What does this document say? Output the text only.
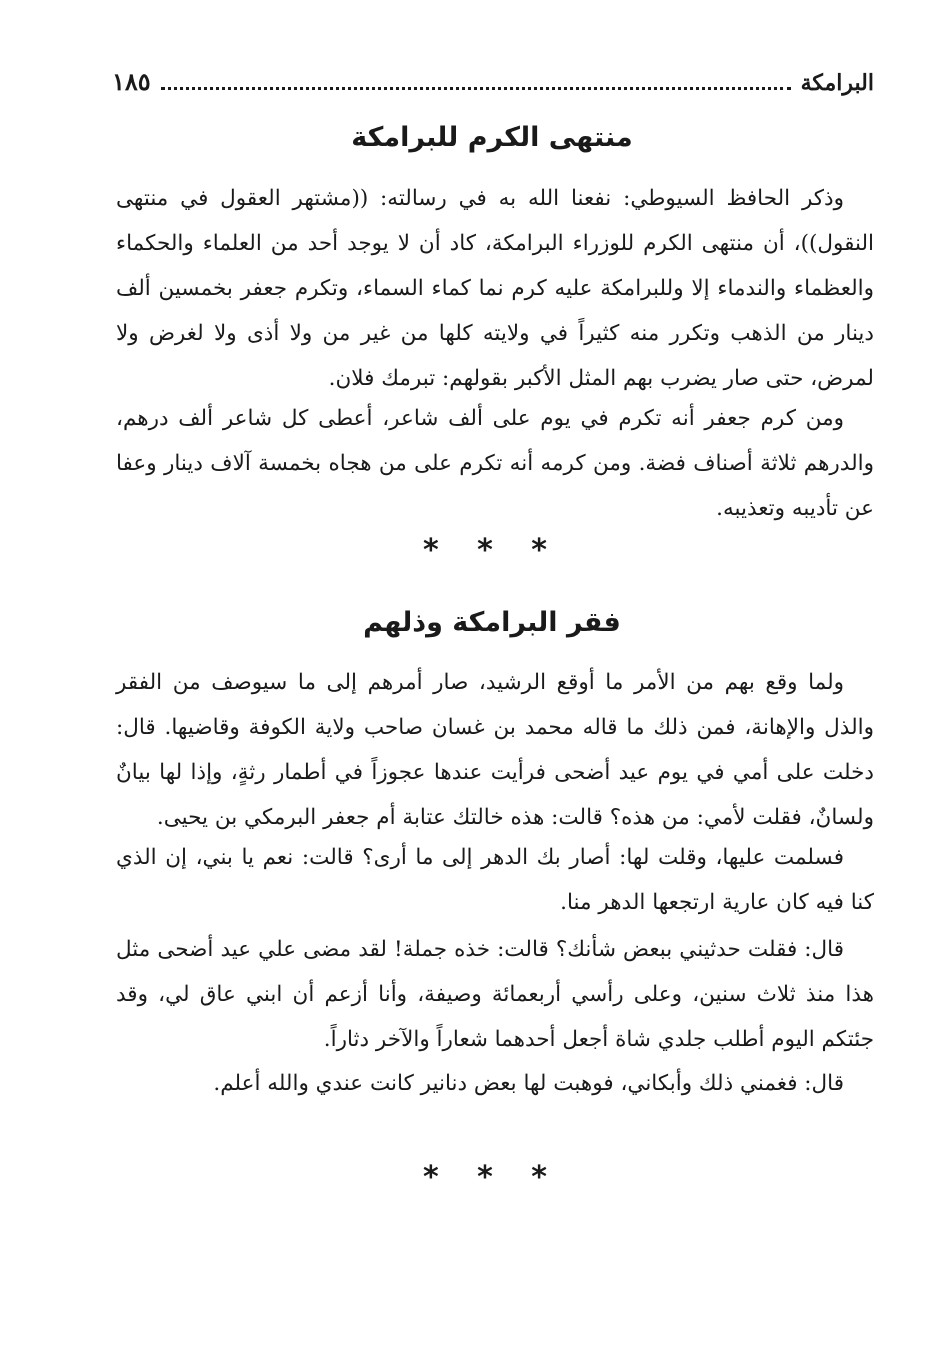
البرامكة
١٨٥
منتهى الكرم للبرامكة

وذكر الحافظ السيوطي: نفعنا الله به في رسالته: ((مشتهر العقول في منتهى النقول))، أن منتهى الكرم للوزراء البرامكة، كاد أن لا يوجد أحد من العلماء والحكماء والعظماء والندماء إلا وللبرامكة عليه كرم نما كماء السماء، وتكرم جعفر بخمسين ألف دينار من الذهب وتكرر منه كثيراً في ولايته كلها من غير من ولا أذى ولا لغرض ولا لمرض، حتى صار يضرب بهم المثل الأكبر بقولهم: تبرمك فلان.

ومن كرم جعفر أنه تكرم في يوم على ألف شاعر، أعطى كل شاعر ألف درهم، والدرهم ثلاثة أصناف فضة. ومن كرمه أنه تكرم على من هجاه بخمسة آلاف دينار وعفا عن تأديبه وتعذيبه.

* * *
فقر البرامكة وذلهم

ولما وقع بهم من الأمر ما أوقع الرشيد، صار أمرهم إلى ما سيوصف من الفقر والذل والإهانة، فمن ذلك ما قاله محمد بن غسان صاحب ولاية الكوفة وقاضيها. قال: دخلت على أمي في يوم عيد أضحى فرأيت عندها عجوزاً في أطمار رثةٍ، وإذا لها بيانٌ ولسانٌ، فقلت لأمي: من هذه؟ قالت: هذه خالتك عتابة أم جعفر البرمكي بن يحيى.

فسلمت عليها، وقلت لها: أصار بك الدهر إلى ما أرى؟ قالت: نعم يا بني، إن الذي كنا فيه كان عارية ارتجعها الدهر منا.

قال: فقلت حدثيني ببعض شأنك؟ قالت: خذه جملة! لقد مضى علي عيد أضحى مثل هذا منذ ثلاث سنين، وعلى رأسي أربعمائة وصيفة، وأنا أزعم أن ابني عاق لي، وقد جئتكم اليوم أطلب جلدي شاة أجعل أحدهما شعاراً والآخر دثاراً.

قال: فغمني ذلك وأبكاني، فوهبت لها بعض دنانير كانت عندي والله أعلم.

* * *
